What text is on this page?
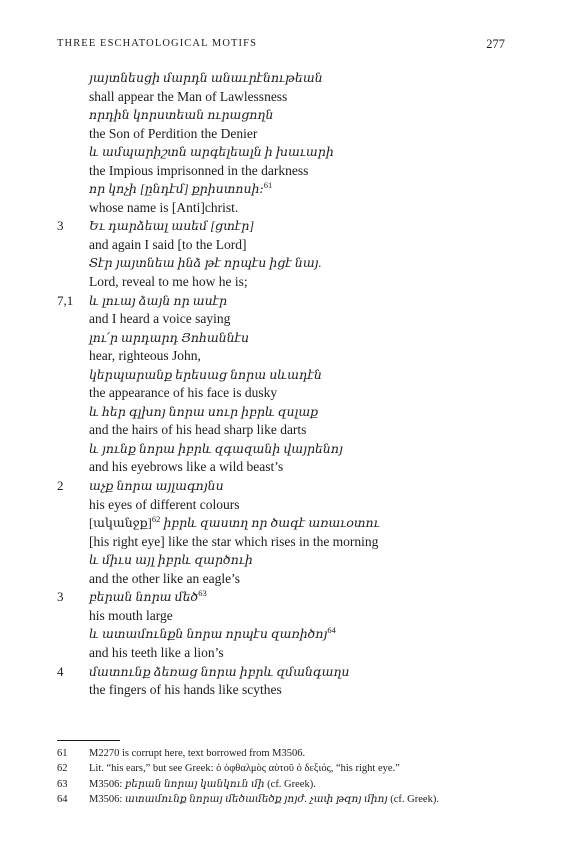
THREE ESCHATOLOGICAL MOTIFS	277
յայտնեսցի մարդն անաւրէնութեան
shall appear the Man of Lawlessness
որդին կորստեան ուրացողն
the Son of Perdition the Denier
և ամպարիշտն արգելեալն ի խաւարի
the Impious imprisonned in the darkness
որ կոչի [ընդէմ] քրիստոսի։$^{61}$
whose name is [Anti]christ.
3 Եւ դարձեալ ասեմ [ցտէր]
and again I said [to the Lord]
Տէր յայտնեա ինձ թէ որպէս իցէ նայ.
Lord, reveal to me how he is;
7,1 և լուայ ձայն որ ասէր
and I heard a voice saying
լու՛ր արդարդ Յոհաննէս
hear, righteous John,
կերպարանք երեսաց նորա սևադէն
the appearance of his face is dusky
և հեր գլխոյ նորա սուր իբրև զսլաք
and the hairs of his head sharp like darts
և յունք նորա իբրև զգազանի վայրենոյ
and his eyebrows like a wild beast’s
2 աչք նորա այլագոյնս
his eyes of different colours
[ականջք]$^{62}$ իբրև զաստղ որ ծագէ առաւօտու
[his right eye] like the star which rises in the morning
և միւս այլ իբրև զարծուի
and the other like an eagle’s
3 բերան նորա մեծ$^{63}$
his mouth large
և ատամունքն նորա որպէս զառիծոյ$^{64}$
and his teeth like a lion’s
4 մատունք ձեռաց նորա իբրև զմանգաղս
the fingers of his hands like scythes
61 M2270 is corrupt here, text borrowed from M3506.
62 Lit. “his ears,” but see Greek: ὁ ὀφθαλμὸς αὐτοῦ ὁ δεξιός, “his right eye.”
63 M3506: բերան նորայ կանկուն մի (cf. Greek).
64 M3506: ատամունք նորայ մեծամեծք յոյժ. չափ թզոյ միոյ (cf. Greek).
